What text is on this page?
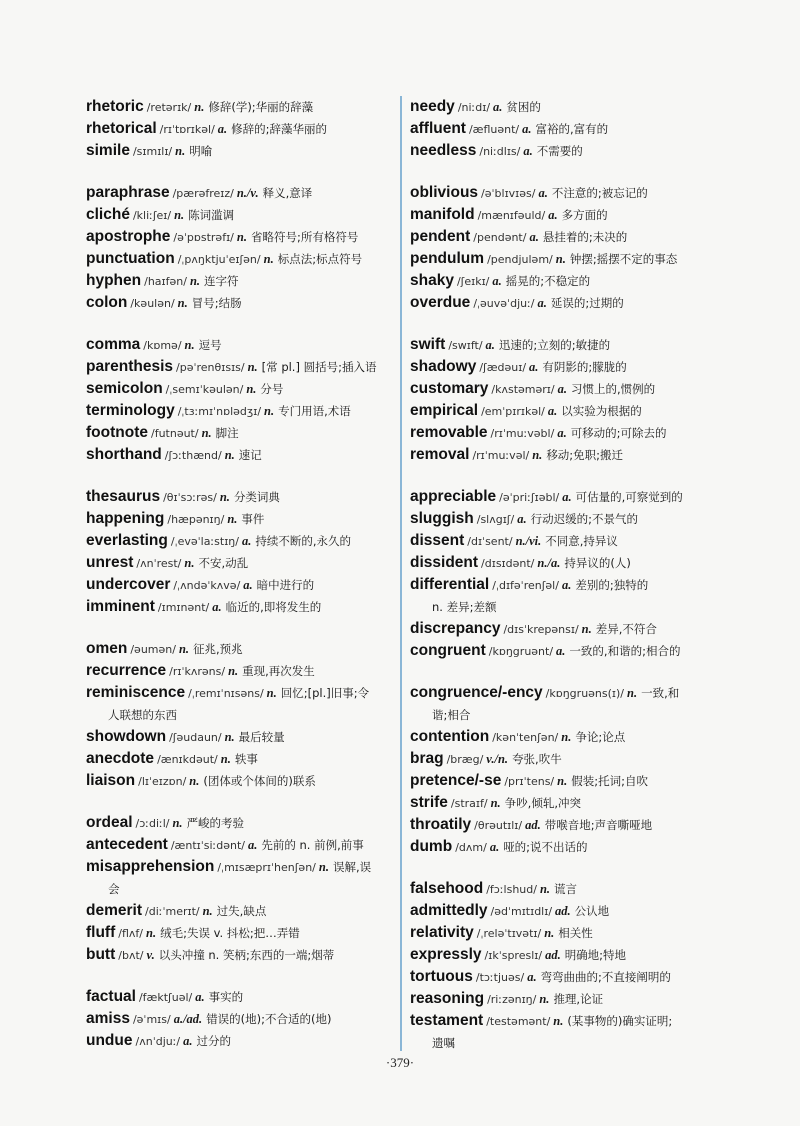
rhetoric /retərɪk/ n. 修辞(学);华丽的辞藻
rhetorical /rɪˈtɒrɪkəl/ a. 修辞的;辞藻华丽的
simile /sɪmɪlɪ/ n. 明喻
paraphrase /pærəfreɪz/ n./v. 释义,意译
cliché /kliːʃeɪ/ n. 陈词滥调
apostrophe /əˈpɒstrəfɪ/ n. 省略符号;所有格符号
punctuation /ˌpʌŋktjuˈeɪʃən/ n. 标点法;标点符号
hyphen /haɪfən/ n. 连字符
colon /kəulən/ n. 冒号;结肠
comma /kɒmə/ n. 逗号
parenthesis /pəˈrenθɪsɪs/ n. [常 pl.] 圆括号;插入语
semicolon /ˌsemɪˈkəulən/ n. 分号
terminology /ˌtɜːmɪˈnɒlədʒɪ/ n. 专门用语,术语
footnote /futnəut/ n. 脚注
shorthand /ʃɔːthænd/ n. 速记
thesaurus /θɪˈsɔːrəs/ n. 分类词典
happening /hæpənɪŋ/ n. 事件
everlasting /ˌevəˈlaːstɪŋ/ a. 持续不断的,永久的
unrest /ʌnˈrest/ n. 不安,动乱
undercover /ˌʌndəˈkʌvə/ a. 暗中进行的
imminent /ɪmɪnənt/ a. 临近的,即将发生的
omen /əumən/ n. 征兆,预兆
recurrence /rɪˈkʌrəns/ n. 重现,再次发生
reminiscence /ˌremɪˈnɪsəns/ n. 回忆;[pl.]旧事;令
人联想的东西
showdown /ʃəudaun/ n. 最后较量
anecdote /ænɪkdəut/ n. 轶事
liaison /lɪˈeɪzɒn/ n. (团体或个体间的)联系
ordeal /ɔːdiːl/ n. 严峻的考验
antecedent /æntɪˈsiːdənt/ a. 先前的 n. 前例,前事
misapprehension /ˌmɪsæprɪˈhenʃən/ n. 误解,误
会
demerit /diːˈmerɪt/ n. 过失,缺点
fluff /flʌf/ n. 绒毛;失误 v. 抖松;把…弄错
butt /bʌt/ v. 以头冲撞 n. 笑柄;东西的一端;烟蒂
factual /fæktʃuəl/ a. 事实的
amiss /əˈmɪs/ a./ad. 错误的(地);不合适的(地)
undue /ʌnˈdjuː/ a. 过分的
needy /niːdɪ/ a. 贫困的
affluent /æfluənt/ a. 富裕的,富有的
needless /niːdlɪs/ a. 不需要的
oblivious /əˈblɪvɪəs/ a. 不注意的;被忘记的
manifold /mænɪfəuld/ a. 多方面的
pendent /pendənt/ a. 悬挂着的;未决的
pendulum /pendjuləm/ n. 钟摆;摇摆不定的事态
shaky /ʃeɪkɪ/ a. 摇晃的;不稳定的
overdue /ˌəuvəˈdjuː/ a. 延误的;过期的
swift /swɪft/ a. 迅速的;立刻的;敏捷的
shadowy /ʃædəuɪ/ a. 有阴影的;朦胧的
customary /kʌstəmərɪ/ a. 习惯上的,惯例的
empirical /emˈpɪrɪkəl/ a. 以实验为根据的
removable /rɪˈmuːvəbl/ a. 可移动的;可除去的
removal /rɪˈmuːvəl/ n. 移动;免职;搬迁
appreciable /əˈpriːʃɪəbl/ a. 可估量的,可察觉到的
sluggish /slʌgɪʃ/ a. 行动迟缓的;不景气的
dissent /dɪˈsent/ n./vi. 不同意,持异议
dissident /dɪsɪdənt/ n./a. 持异议的(人)
differential /ˌdɪfəˈrenʃəl/ a. 差别的;独特的
n. 差异;差额
discrepancy /dɪsˈkrepənsɪ/ n. 差异,不符合
congruent /kɒŋgruənt/ a. 一致的,和谐的;相合的
congruence/-ency /kɒŋgruəns(ɪ)/ n. 一致,和
谐;相合
contention /kənˈtenʃən/ n. 争论;论点
brag /bræg/ v./n. 夸张,吹牛
pretence/-se /prɪˈtens/ n. 假装;托词;自吹
strife /straɪf/ n. 争吵,倾轧,冲突
throatily /θrəutɪlɪ/ ad. 带喉音地;声音嘶哑地
dumb /dʌm/ a. 哑的;说不出话的
falsehood /fɔːlshud/ n. 谎言
admittedly /ədˈmɪtɪdlɪ/ ad. 公认地
relativity /ˌreləˈtɪvətɪ/ n. 相关性
expressly /ɪkˈspreslɪ/ ad. 明确地;特地
tortuous /tɔːtjuəs/ a. 弯弯曲曲的;不直接阐明的
reasoning /riːzənɪŋ/ n. 推理,论证
testament /testəmənt/ n. (某事物的)确实证明;
遗嘱
·379·
